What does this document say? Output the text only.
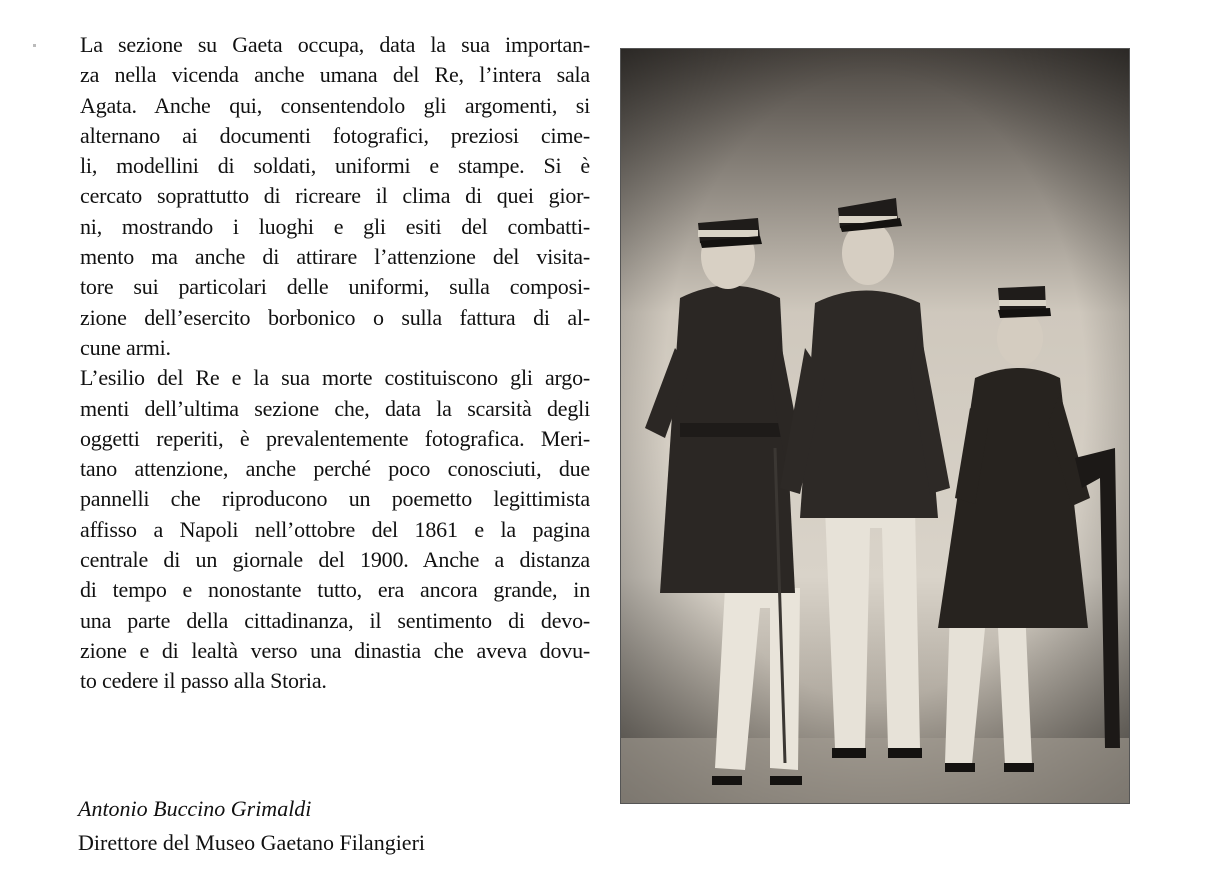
La sezione su Gaeta occupa, data la sua importan-
za nella vicenda anche umana del Re, l’intera sala
Agata. Anche qui, consentendolo gli argomenti, si
alternano ai documenti fotografici, preziosi cime-
li, modellini di soldati, uniformi e stampe. Si è
cercato soprattutto di ricreare il clima di quei gior-
ni, mostrando i luoghi e gli esiti del combatti-
mento ma anche di attirare l’attenzione del visita-
tore sui particolari delle uniformi, sulla composi-
zione dell’esercito borbonico o sulla fattura di al-
cune armi.
L’esilio del Re e la sua morte costituiscono gli argo-
menti dell’ultima sezione che, data la scarsità degli
oggetti reperiti, è prevalentemente fotografica. Meri-
tano attenzione, anche perché poco conosciuti, due
pannelli che riproducono un poemetto legittimista
affisso a Napoli nell’ottobre del 1861 e la pagina
centrale di un giornale del 1900. Anche a distanza
di tempo e nonostante tutto, era ancora grande, in
una parte della cittadinanza, il sentimento di devo-
zione e di lealtà verso una dinastia che aveva dovu-
to cedere il passo alla Storia.
Antonio Buccino Grimaldi
Direttore del Museo Gaetano Filangieri
